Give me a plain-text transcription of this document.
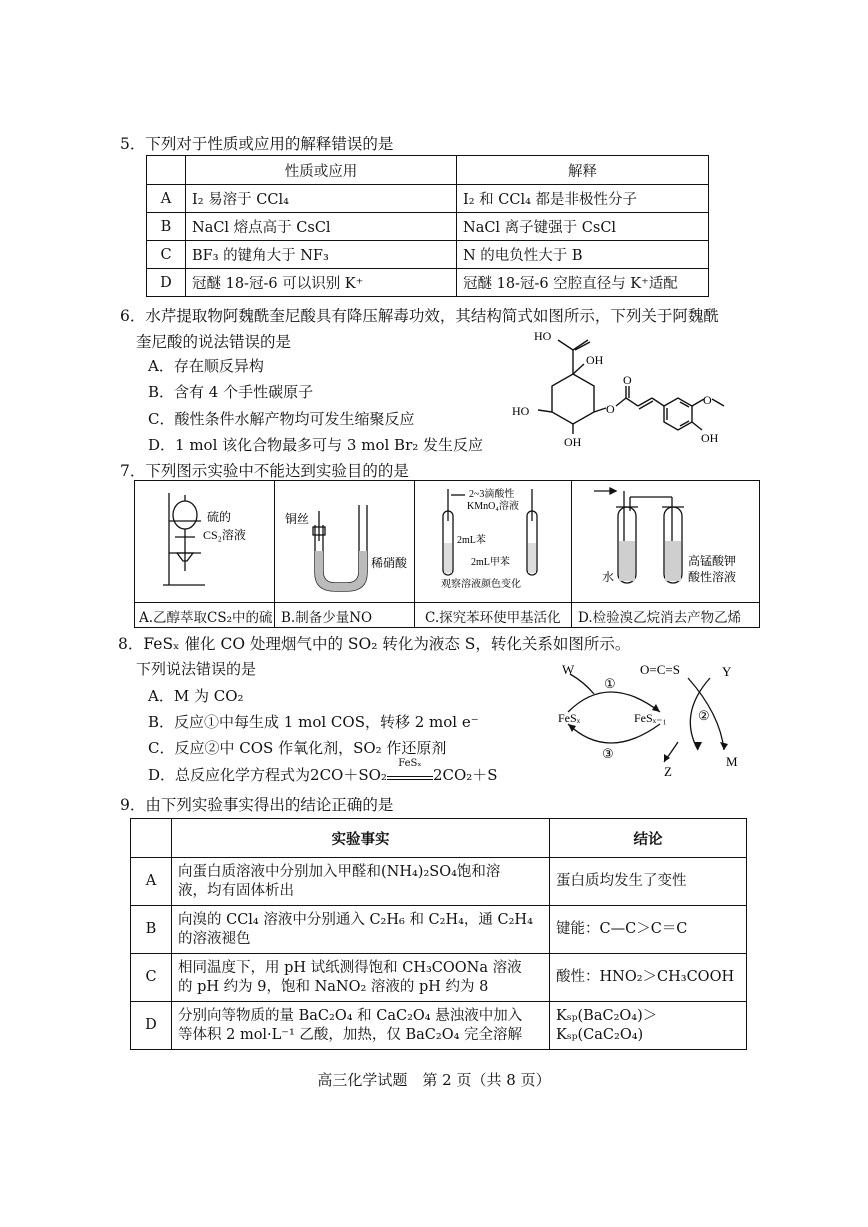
5．下列对于性质或应用的解释错误的是
	性质或应用	解释
A	I₂ 易溶于 CCl₄	I₂ 和 CCl₄ 都是非极性分子
B	NaCl 熔点高于 CsCl	NaCl 离子键强于 CsCl
C	BF₃ 的键角大于 NF₃	N 的电负性大于 B
D	冠醚 18-冠-6 可以识别 K⁺	冠醚 18-冠-6 空腔直径与 K⁺适配
6．水芹提取物阿魏酰奎尼酸具有降压解毒功效，其结构简式如图所示，下列关于阿魏酰
奎尼酸的说法错误的是
A．存在顺反异构
B．含有 4 个手性碳原子
C．酸性条件水解产物均可发生缩聚反应
D．1 mol 该化合物最多可与 3 mol Br₂ 发生反应
HO
OH
HO
OH
O
O
O
OH
7．下列图示实验中不能达到实验目的的是
硫的
CS₂溶液
A.乙醇萃取CS₂中的硫
铜丝
稀硝酸
B.制备少量NO
2~3滴酸性
KMnO₄溶液
2mL苯
2mL甲苯
观察溶液颜色变化
C.探究苯环使甲基活化
水
高锰酸钾
酸性溶液
D.检验溴乙烷消去产物乙烯
8．FeSₓ 催化 CO 处理烟气中的 SO₂ 转化为液态 S，转化关系如图所示。
下列说法错误的是
A．M 为 CO₂
B．反应①中每生成 1 mol COS，转移 2 mol e⁻
C．反应②中 COS 作氧化剂，SO₂ 作还原剂
D．总反应化学方程式为2CO＋SO₂
FeSₓ
2CO₂＋S
W	O=C=S	Y
①
FeSₓ	FeSₓ₋₁ ②
③
Z
M
9．由下列实验事实得出的结论正确的是
	实验事实	结论
A	向蛋白质溶液中分别加入甲醛和(NH₄)₂SO₄饱和溶
液，均有固体析出	蛋白质均发生了变性
B	向溴的 CCl₄ 溶液中分别通入 C₂H₆ 和 C₂H₄，通 C₂H₄
的溶液褪色	键能：C—C＞C＝C
C	相同温度下，用 pH 试纸测得饱和 CH₃COONa 溶液
的 pH 约为 9，饱和 NaNO₂ 溶液的 pH 约为 8	酸性：HNO₂＞CH₃COOH
D	分别向等物质的量 BaC₂O₄ 和 CaC₂O₄ 悬浊液中加入
等体积 2 mol·L⁻¹ 乙酸，加热，仅 BaC₂O₄ 完全溶解	Kₛₚ(BaC₂O₄)＞Kₛₚ(CaC₂O₄)
高三化学试题　第 2 页（共 8 页）
